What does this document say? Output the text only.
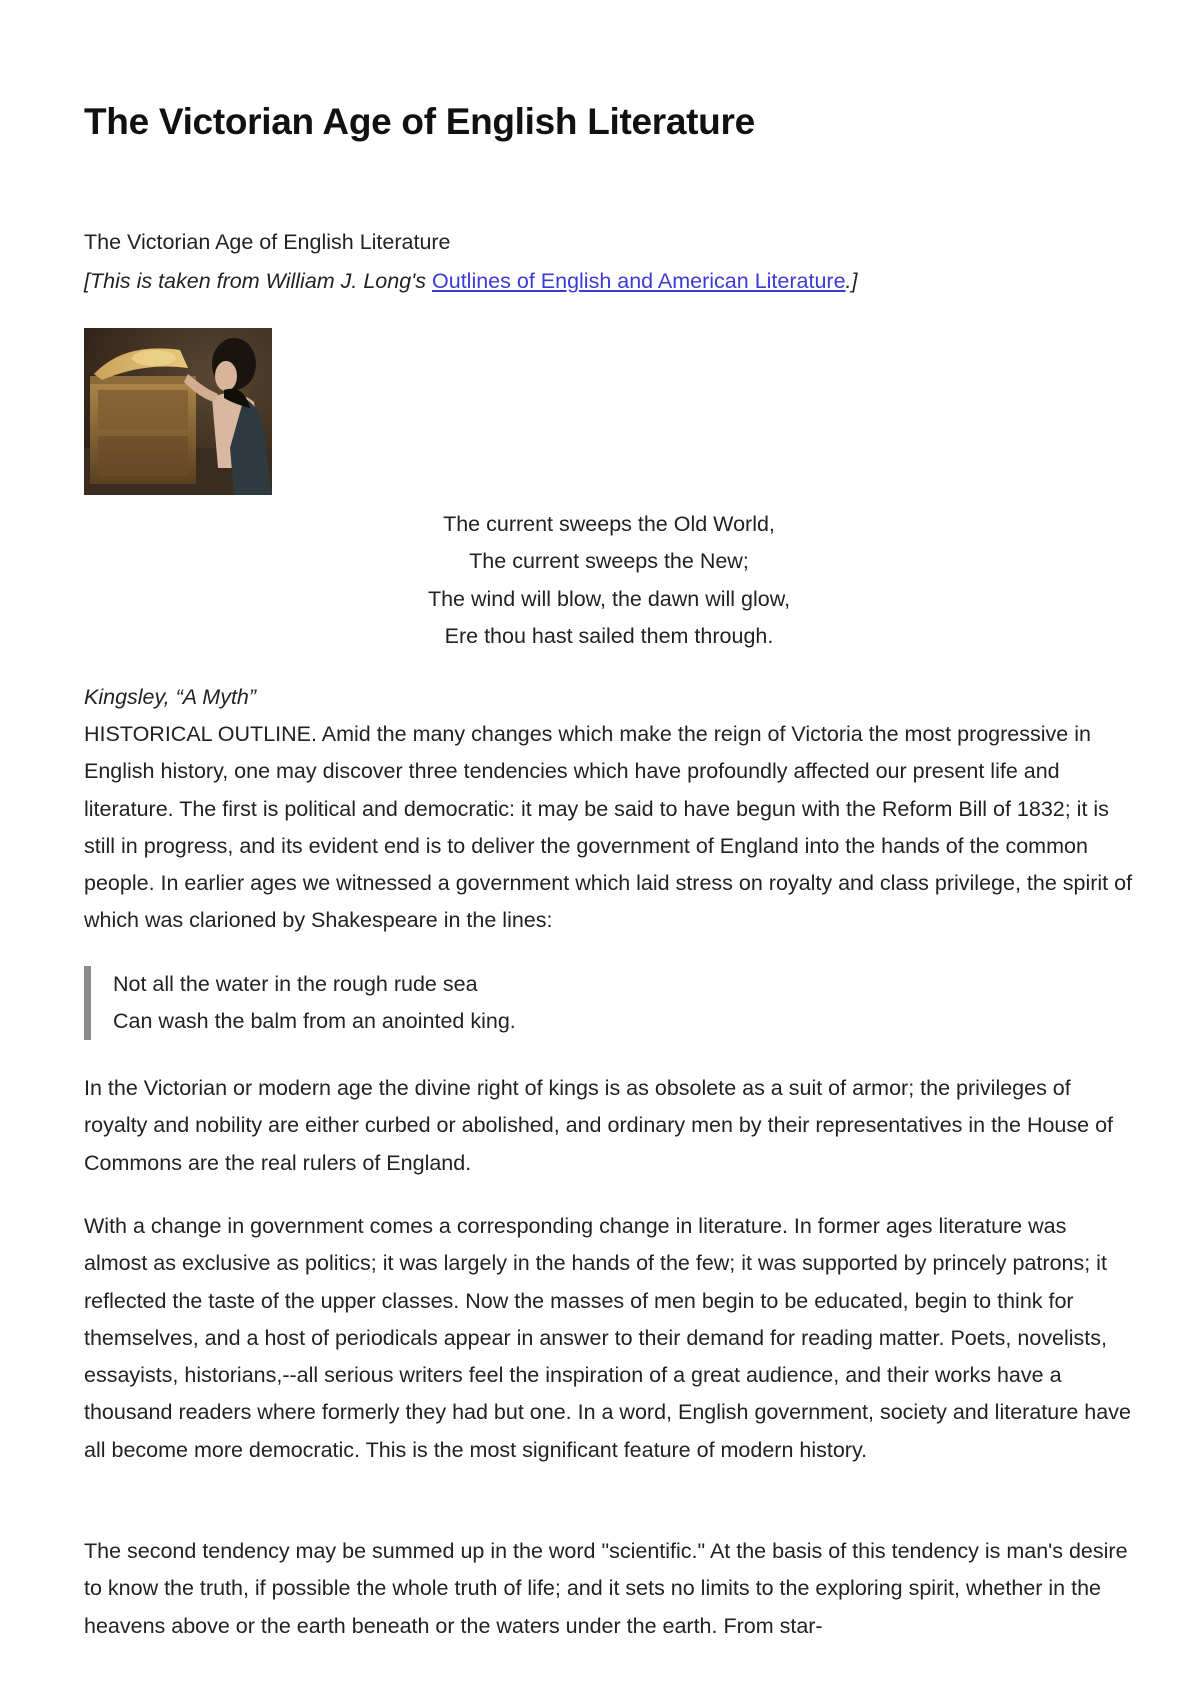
The Victorian Age of English Literature
The Victorian Age of English Literature
[This is taken from William J. Long's Outlines of English and American Literature.]
The current sweeps the Old World,
The current sweeps the New;
The wind will blow, the dawn will glow,
Ere thou hast sailed them through.
Kingsley, “A Myth”

HISTORICAL OUTLINE. Amid the many changes which make the reign of Victoria the most progressive in English history, one may discover three tendencies which have profoundly affected our present life and literature. The first is political and democratic: it may be said to have begun with the Reform Bill of 1832; it is still in progress, and its evident end is to deliver the government of England into the hands of the common people. In earlier ages we witnessed a government which laid stress on royalty and class privilege, the spirit of which was clarioned by Shakespeare in the lines:

Not all the water in the rough rude sea
Can wash the balm from an anointed king.

In the Victorian or modern age the divine right of kings is as obsolete as a suit of armor; the privileges of royalty and nobility are either curbed or abolished, and ordinary men by their representatives in the House of Commons are the real rulers of England.

With a change in government comes a corresponding change in literature. In former ages literature was almost as exclusive as politics; it was largely in the hands of the few; it was supported by princely patrons; it reflected the taste of the upper classes. Now the masses of men begin to be educated, begin to think for themselves, and a host of periodicals appear in answer to their demand for reading matter. Poets, novelists, essayists, historians,--all serious writers feel the inspiration of a great audience, and their works have a thousand readers where formerly they had but one. In a word, English government, society and literature have all become more democratic. This is the most significant feature of modern history.

The second tendency may be summed up in the word "scientific." At the basis of this tendency is man's desire to know the truth, if possible the whole truth of life; and it sets no limits to the exploring spirit, whether in the heavens above or the earth beneath or the waters under the earth. From star-
